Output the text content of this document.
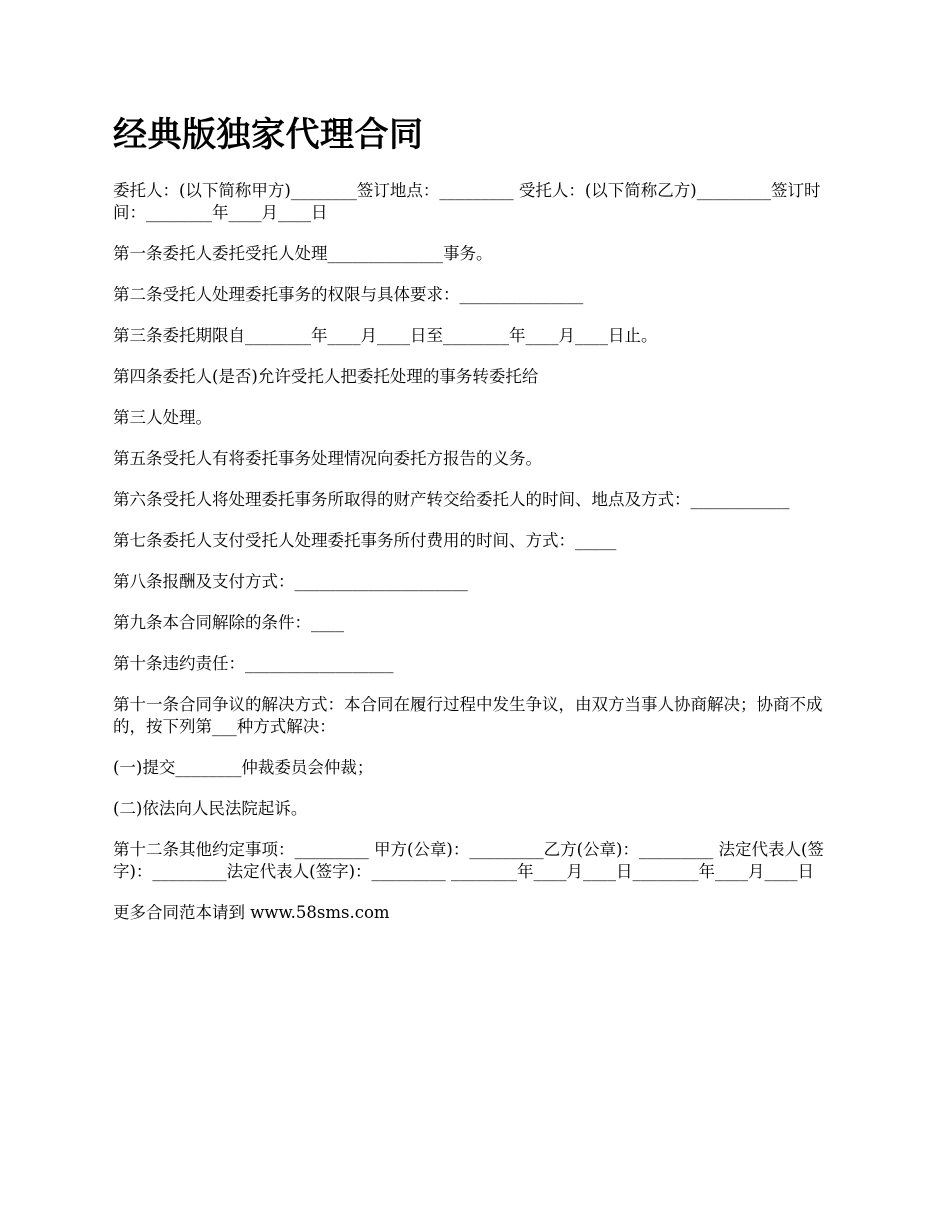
经典版独家代理合同

委托人：(以下简称甲方)________签订地点：_________ 受托人：(以下简称乙方)_________签订时间：________年____月____日

第一条委托人委托受托人处理______________事务。

第二条受托人处理委托事务的权限与具体要求：_______________

第三条委托期限自________年____月____日至________年____月____日止。

第四条委托人(是否)允许受托人把委托处理的事务转委托给

第三人处理。

第五条受托人有将委托事务处理情况向委托方报告的义务。

第六条受托人将处理委托事务所取得的财产转交给委托人的时间、地点及方式：____________

第七条委托人支付受托人处理委托事务所付费用的时间、方式：_____

第八条报酬及支付方式：_____________________

第九条本合同解除的条件：____

第十条违约责任：__________________

第十一条合同争议的解决方式：本合同在履行过程中发生争议，由双方当事人协商解决；协商不成的，按下列第___种方式解决：

(一)提交________仲裁委员会仲裁；

(二)依法向人民法院起诉。

第十二条其他约定事项：_________ 甲方(公章)：_________乙方(公章)：_________ 法定代表人(签字)：_________法定代表人(签字)：_________ ________年____月____日________年____月____日

更多合同范本请到 www.58sms.com
